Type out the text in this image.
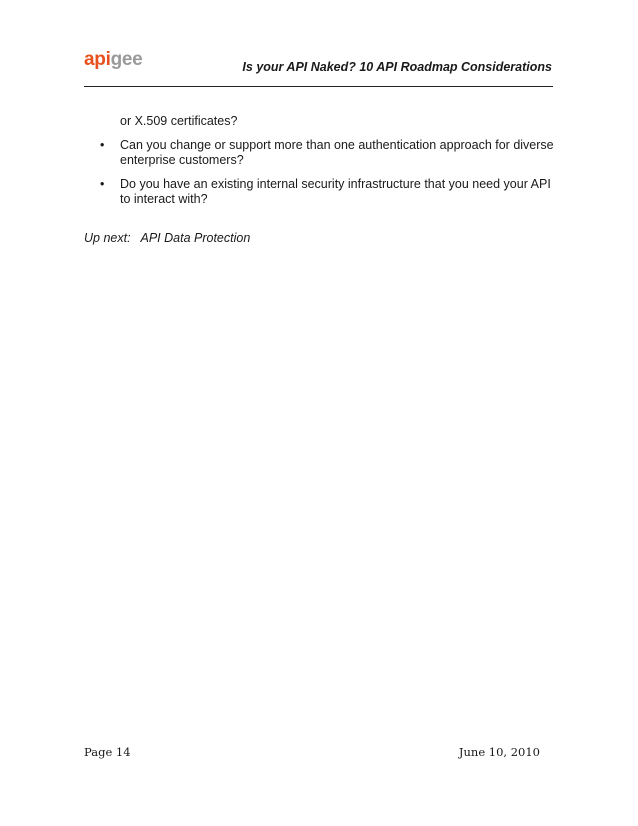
apigee	Is your API Naked? 10 API Roadmap Considerations
or X.509 certificates?
• Can you change or support more than one authentication approach for diverse enterprise customers?
• Do you have an existing internal security infrastructure that you need your API to interact with?
Up next:   API Data Protection
Page 14	June 10, 2010
